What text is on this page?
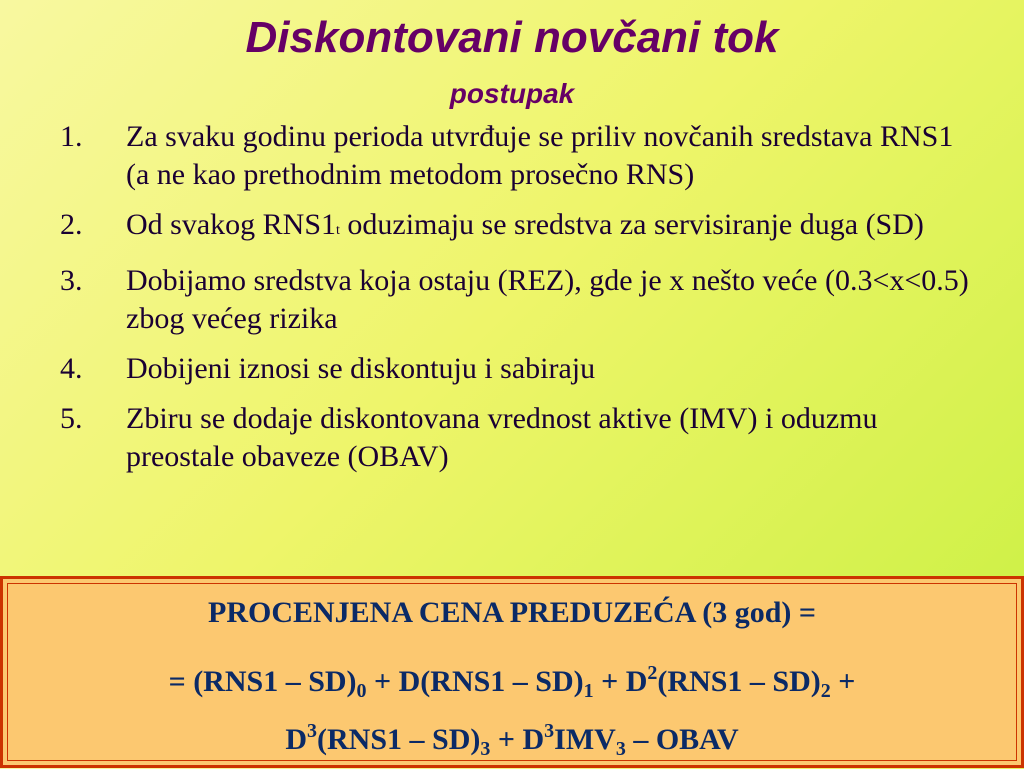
Diskontovani novčani tok
postupak
1.	Za svaku godinu perioda utvrđuje se priliv novčanih sredstava RNS1 (a ne kao prethodnim metodom prosečno RNS)
2.	Od svakog RNS1t oduzimaju se sredstva za servisiranje duga (SD)
3.	Dobijamo sredstva koja ostaju (REZ), gde je x nešto veće (0.3<x<0.5) zbog većeg rizika
4.	Dobijeni iznosi se diskontuju i sabiraju
5.	Zbiru se dodaje diskontovana vrednost aktive (IMV) i oduzmu preostale obaveze (OBAV)
PROCENJENA CENA PREDUZEĆA (3 god) =
= $(RNS1 - SD)_0 + D(RNS1 - SD)_1 + D^2(RNS1 - SD)_2$ +
$D^3(RNS1 - SD)_3 + D^3IMV_3$ – OBAV
